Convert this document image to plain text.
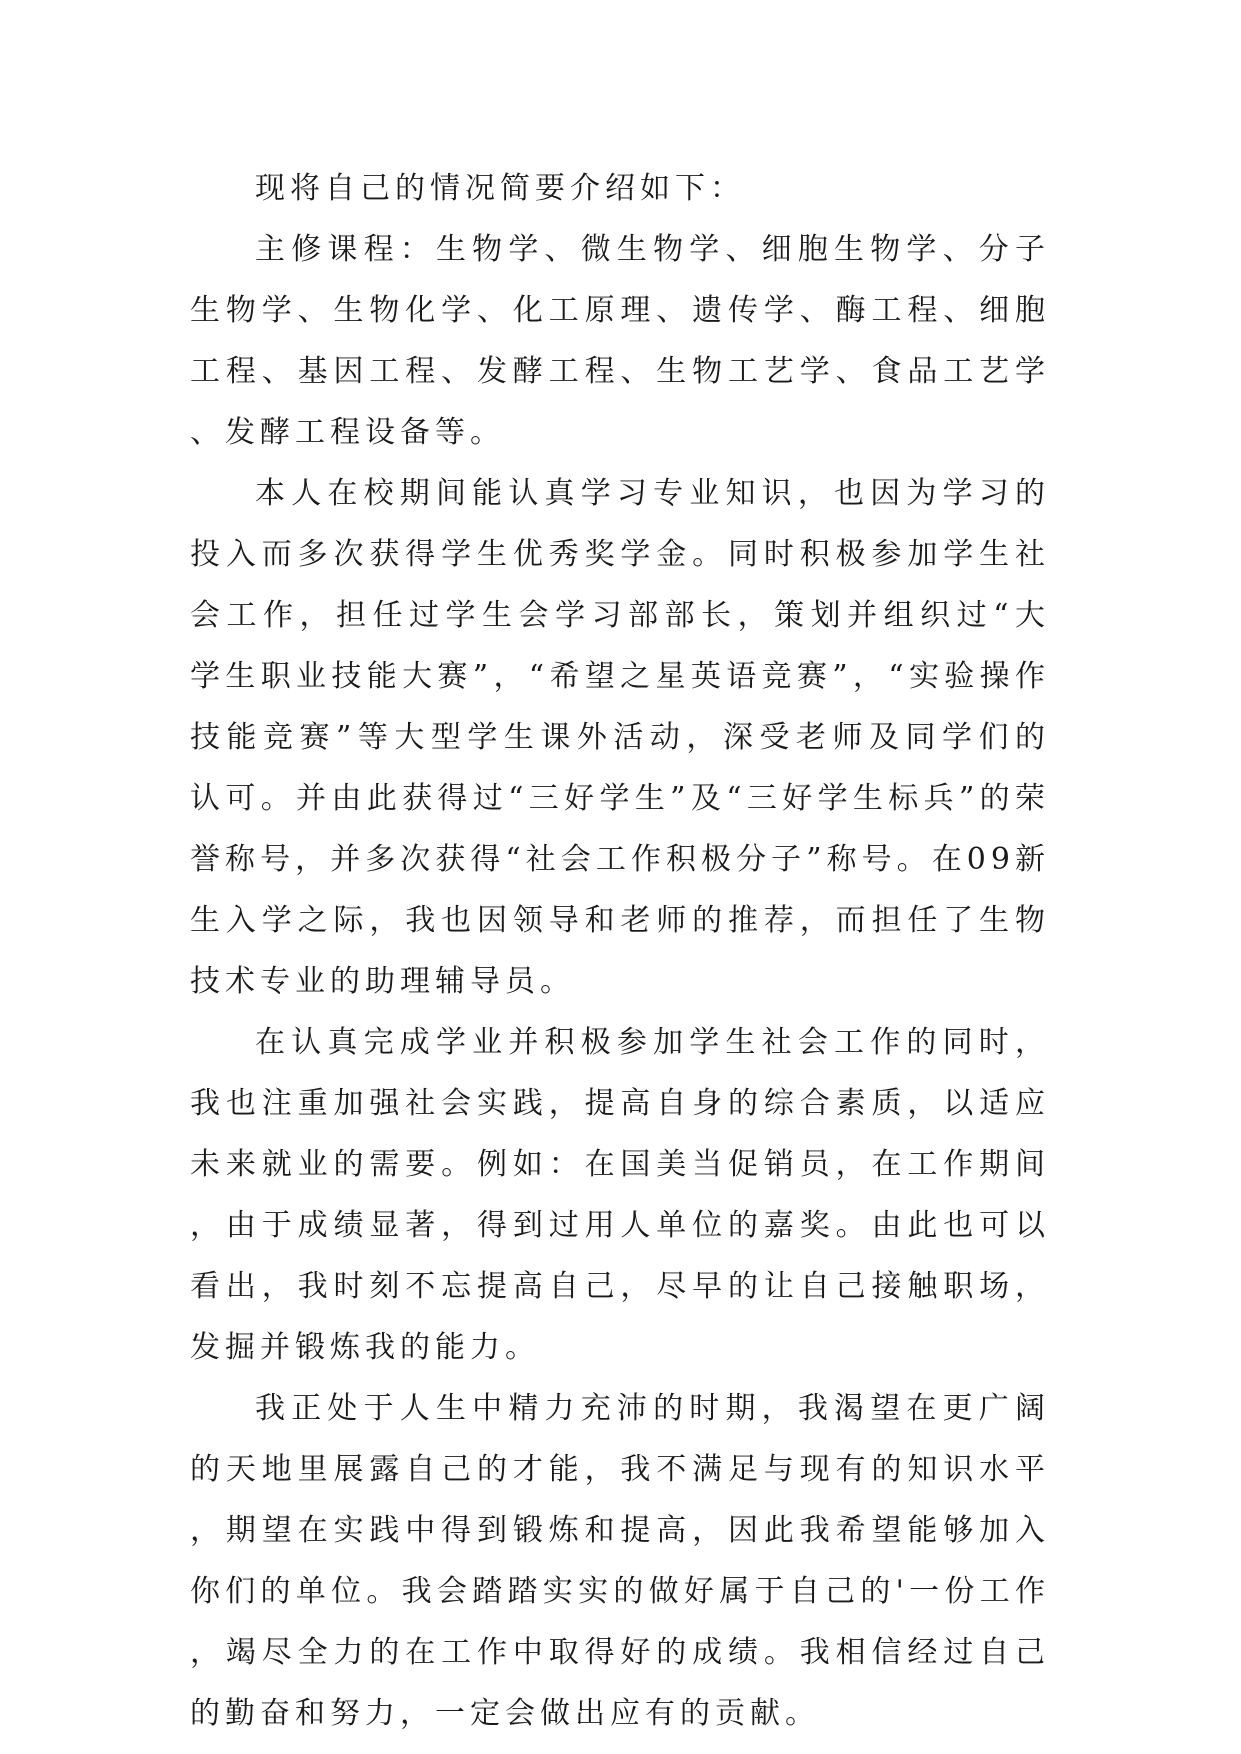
现将自己的情况简要介绍如下：

主修课程：生物学、微生物学、细胞生物学、分子生物学、生物化学、化工原理、遗传学、酶工程、细胞工程、基因工程、发酵工程、生物工艺学、食品工艺学、发酵工程设备等。

本人在校期间能认真学习专业知识，也因为学习的投入而多次获得学生优秀奖学金。同时积极参加学生社会工作，担任过学生会学习部部长，策划并组织过“大学生职业技能大赛”，“希望之星英语竞赛”，“实验操作技能竞赛”等大型学生课外活动，深受老师及同学们的认可。并由此获得过“三好学生”及“三好学生标兵”的荣誉称号，并多次获得“社会工作积极分子”称号。在09新生入学之际，我也因领导和老师的推荐，而担任了生物技术专业的助理辅导员。

在认真完成学业并积极参加学生社会工作的同时，我也注重加强社会实践，提高自身的综合素质，以适应未来就业的需要。例如：在国美当促销员，在工作期间，由于成绩显著，得到过用人单位的嘉奖。由此也可以看出，我时刻不忘提高自己，尽早的让自己接触职场，发掘并锻炼我的能力。

我正处于人生中精力充沛的时期，我渴望在更广阔的天地里展露自己的才能，我不满足与现有的知识水平，期望在实践中得到锻炼和提高，因此我希望能够加入你们的单位。我会踏踏实实的做好属于自己的'一份工作，竭尽全力的在工作中取得好的成绩。我相信经过自己的勤奋和努力，一定会做出应有的贡献。
